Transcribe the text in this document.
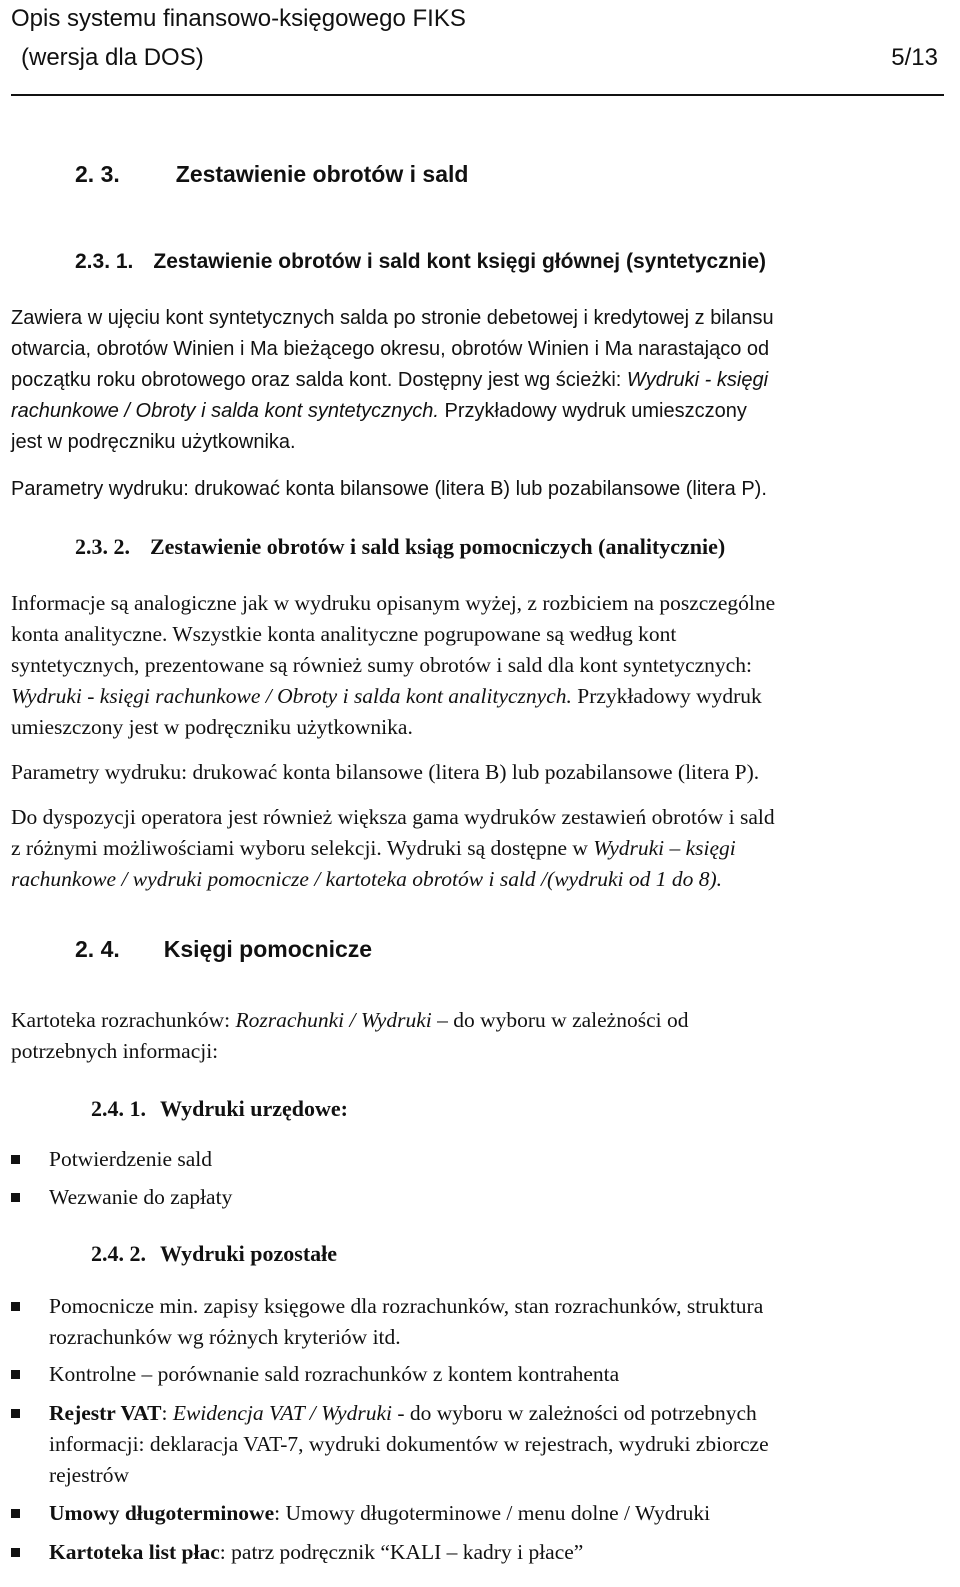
Opis systemu finansowo-księgowego FIKS
(wersja dla DOS)	5/13
2. 3. Zestawienie obrotów i sald
2.3. 1. Zestawienie obrotów i sald kont księgi głównej (syntetycznie)

Zawiera w ujęciu kont syntetycznych salda po stronie debetowej i kredytowej z bilansu

otwarcia, obrotów Winien i Ma bieżącego okresu, obrotów Winien i Ma narastająco od

początku roku obrotowego oraz salda kont. Dostępny jest wg ścieżki: Wydruki - księgi

rachunkowe / Obroty i salda kont syntetycznych. Przykładowy wydruk umieszczony

jest w podręczniku użytkownika.

Parametry wydruku: drukować konta bilansowe (litera B) lub pozabilansowe (litera P).

2.3. 2. Zestawienie obrotów i sald ksiąg pomocniczych (analitycznie)

Informacje są analogiczne jak w wydruku opisanym wyżej, z rozbiciem na poszczególne

konta analityczne. Wszystkie konta analityczne pogrupowane są według kont

syntetycznych, prezentowane są również sumy obrotów i sald dla kont syntetycznych:

Wydruki - księgi rachunkowe / Obroty i salda kont analitycznych. Przykładowy wydruk

umieszczony jest w podręczniku użytkownika.

Parametry wydruku: drukować konta bilansowe (litera B) lub pozabilansowe (litera P).

Do dyspozycji operatora jest również większa gama wydruków zestawień obrotów i sald

z różnymi możliwościami wyboru selekcji. Wydruki są dostępne w Wydruki – księgi

rachunkowe / wydruki pomocnicze / kartoteka obrotów i sald /(wydruki od 1 do 8).

2. 4. Księgi pomocnicze

Kartoteka rozrachunków: Rozrachunki / Wydruki – do wyboru w zależności od

potrzebnych informacji:

2.4. 1. Wydruki urzędowe:
Potwierdzenie sald
Wezwanie do zapłaty
2.4. 2. Wydruki pozostałe
Pomocnicze min. zapisy księgowe dla rozrachunków, stan rozrachunków, struktura
rozrachunków wg różnych kryteriów itd.
Kontrolne – porównanie sald rozrachunków z kontem kontrahenta
Rejestr VAT: Ewidencja VAT / Wydruki - do wyboru w zależności od potrzebnych
informacji: deklaracja VAT-7, wydruki dokumentów w rejestrach, wydruki zbiorcze
rejestrów
Umowy długoterminowe: Umowy długoterminowe / menu dolne / Wydruki
Kartoteka list płac: patrz podręcznik “KALI – kadry i płace”
